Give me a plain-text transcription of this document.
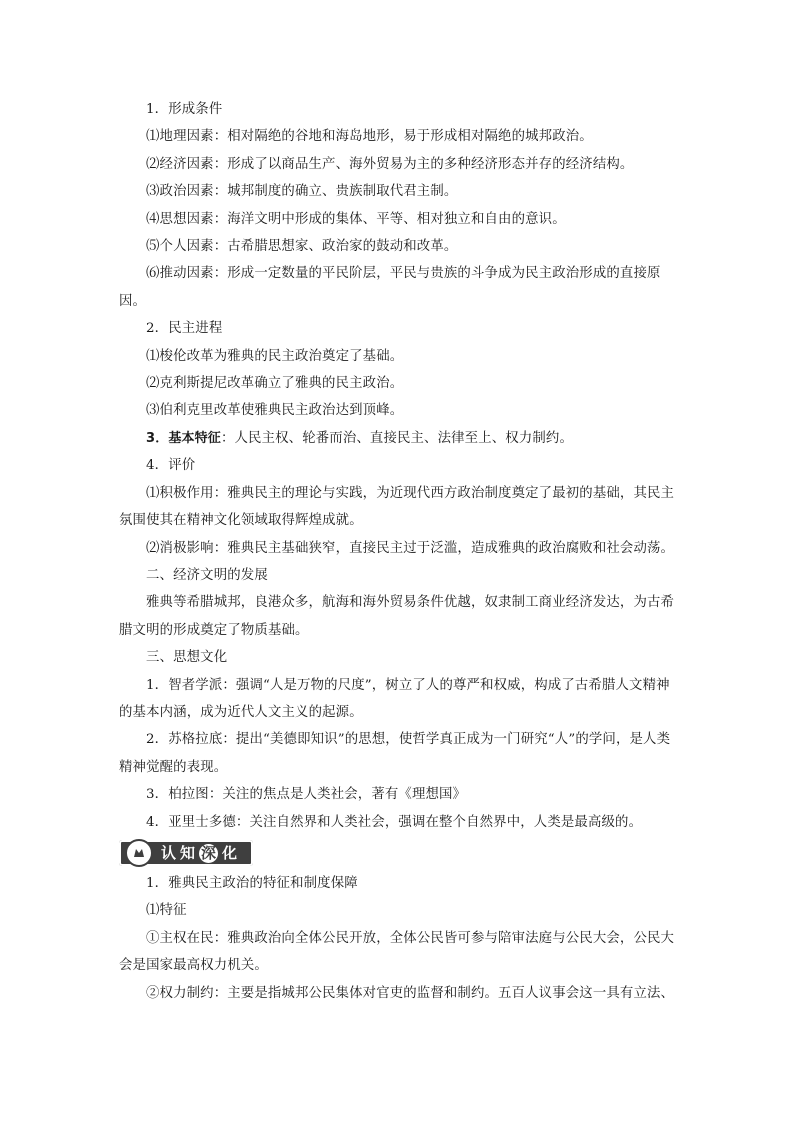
1．形成条件

⑴地理因素：相对隔绝的谷地和海岛地形，易于形成相对隔绝的城邦政治。

⑵经济因素：形成了以商品生产、海外贸易为主的多种经济形态并存的经济结构。

⑶政治因素：城邦制度的确立、贵族制取代君主制。

⑷思想因素：海洋文明中形成的集体、平等、相对独立和自由的意识。

⑸个人因素：古希腊思想家、政治家的鼓动和改革。

⑹推动因素：形成一定数量的平民阶层，平民与贵族的斗争成为民主政治形成的直接原因。

2．民主进程

⑴梭伦改革为雅典的民主政治奠定了基础。

⑵克利斯提尼改革确立了雅典的民主政治。

⑶伯利克里改革使雅典民主政治达到顶峰。

3．基本特征：人民主权、轮番而治、直接民主、法律至上、权力制约。

4．评价

⑴积极作用：雅典民主的理论与实践，为近现代西方政治制度奠定了最初的基础，其民主氛围使其在精神文化领域取得辉煌成就。

⑵消极影响：雅典民主基础狭窄，直接民主过于泛滥，造成雅典的政治腐败和社会动荡。

二、经济文明的发展

雅典等希腊城邦，良港众多，航海和海外贸易条件优越，奴隶制工商业经济发达，为古希腊文明的形成奠定了物质基础。

三、思想文化

1．智者学派：强调“人是万物的尺度”，树立了人的尊严和权威，构成了古希腊人文精神的基本内涵，成为近代人文主义的起源。

2．苏格拉底：提出“美德即知识”的思想，使哲学真正成为一门研究“人”的学问，是人类精神觉醒的表现。

3．柏拉图：关注的焦点是人类社会，著有《理想国》

4．亚里士多德：关注自然界和人类社会，强调在整个自然界中，人类是最高级的。

认知 深 化

1．雅典民主政治的特征和制度保障

⑴特征

①主权在民：雅典政治向全体公民开放，全体公民皆可参与陪审法庭与公民大会，公民大会是国家最高权力机关。

②权力制约：主要是指城邦公民集体对官吏的监督和制约。五百人议事会这一具有立法、
